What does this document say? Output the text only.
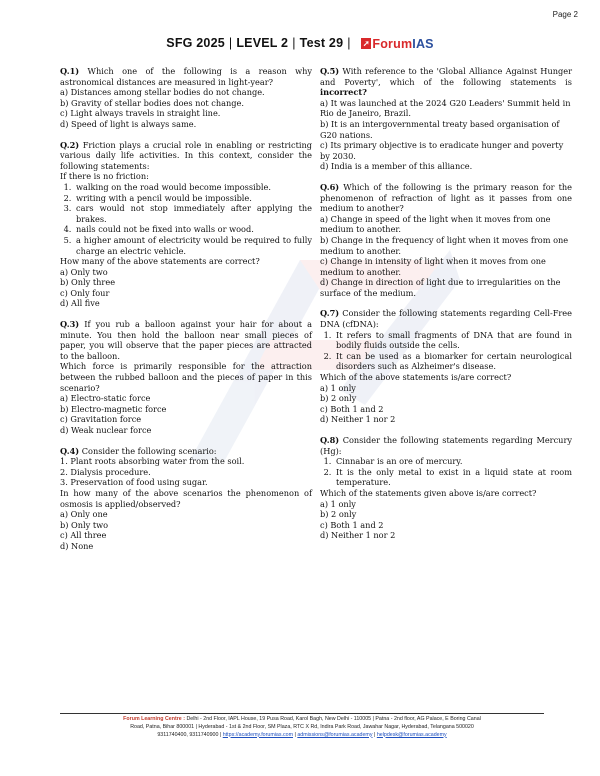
Page 2
SFG 2025 | LEVEL 2 | Test 29 | ➚ ForumIAS

Q.1) Which one of the following is a reason why astronomical distances are measured in light-year?

a) Distances among stellar bodies do not change.
b) Gravity of stellar bodies does not change.
c) Light always travels in straight line.
d) Speed of light is always same.

Q.2) Friction plays a crucial role in enabling or restricting various daily life activities. In this context, consider the following statements:

If there is no friction:
1. walking on the road would become impossible.
2. writing with a pencil would be impossible.
3. cars would not stop immediately after applying the brakes.
4. nails could not be fixed into walls or wood.
5. a higher amount of electricity would be required to fully charge an electric vehicle.
How many of the above statements are correct?
a) Only two
b) Only three
c) Only four
d) All five

Q.3) If you rub a balloon against your hair for about a minute. You then hold the balloon near small pieces of paper, you will observe that the paper pieces are attracted to the balloon.

Which force is primarily responsible for the attraction between the rubbed balloon and the pieces of paper in this scenario?

a) Electro-static force
b) Electro-magnetic force
c) Gravitation force
d) Weak nuclear force

Q.4) Consider the following scenario:

1. Plant roots absorbing water from the soil.
2. Dialysis procedure.
3. Preservation of food using sugar.

In how many of the above scenarios the phenomenon of osmosis is applied/observed?

a) Only one
b) Only two
c) All three
d) None

Q.5) With reference to the 'Global Alliance Against Hunger and Poverty', which of the following statements is incorrect?

a) It was launched at the 2024 G20 Leaders' Summit held in Rio de Janeiro, Brazil.
b) It is an intergovernmental treaty based organisation of G20 nations.
c) Its primary objective is to eradicate hunger and poverty by 2030.
d) India is a member of this alliance.

Q.6) Which of the following is the primary reason for the phenomenon of refraction of light as it passes from one medium to another?

a) Change in speed of the light when it moves from one medium to another.
b) Change in the frequency of light when it moves from one medium to another.
c) Change in intensity of light when it moves from one medium to another.
d) Change in direction of light due to irregularities on the surface of the medium.

Q.7) Consider the following statements regarding Cell-Free DNA (cfDNA):

1. It refers to small fragments of DNA that are found in bodily fluids outside the cells.
2. It can be used as a biomarker for certain neurological disorders such as Alzheimer's disease.
Which of the above statements is/are correct?
a) 1 only
b) 2 only
c) Both 1 and 2
d) Neither 1 nor 2

Q.8) Consider the following statements regarding Mercury (Hg):

1. Cinnabar is an ore of mercury.
2. It is the only metal to exist in a liquid state at room temperature.
Which of the statements given above is/are correct?
a) 1 only
b) 2 only
c) Both 1 and 2
d) Neither 1 nor 2
Forum Learning Centre : Delhi - 2nd Floor, IAPL House, 19 Pusa Road, Karol Bagh, New Delhi - 110005 | Patna - 2nd floor, AG Palace, E Boring Canal
Road, Patna, Bihar 800001 | Hyderabad - 1st & 2nd Floor, SM Plaza, RTC X Rd, Indira Park Road, Jawahar Nagar, Hyderabad, Telangana 500020
9311740400, 9311740900 | https://academy.forumias.com | admissions@forumias.academy | helpdesk@forumias.academy
